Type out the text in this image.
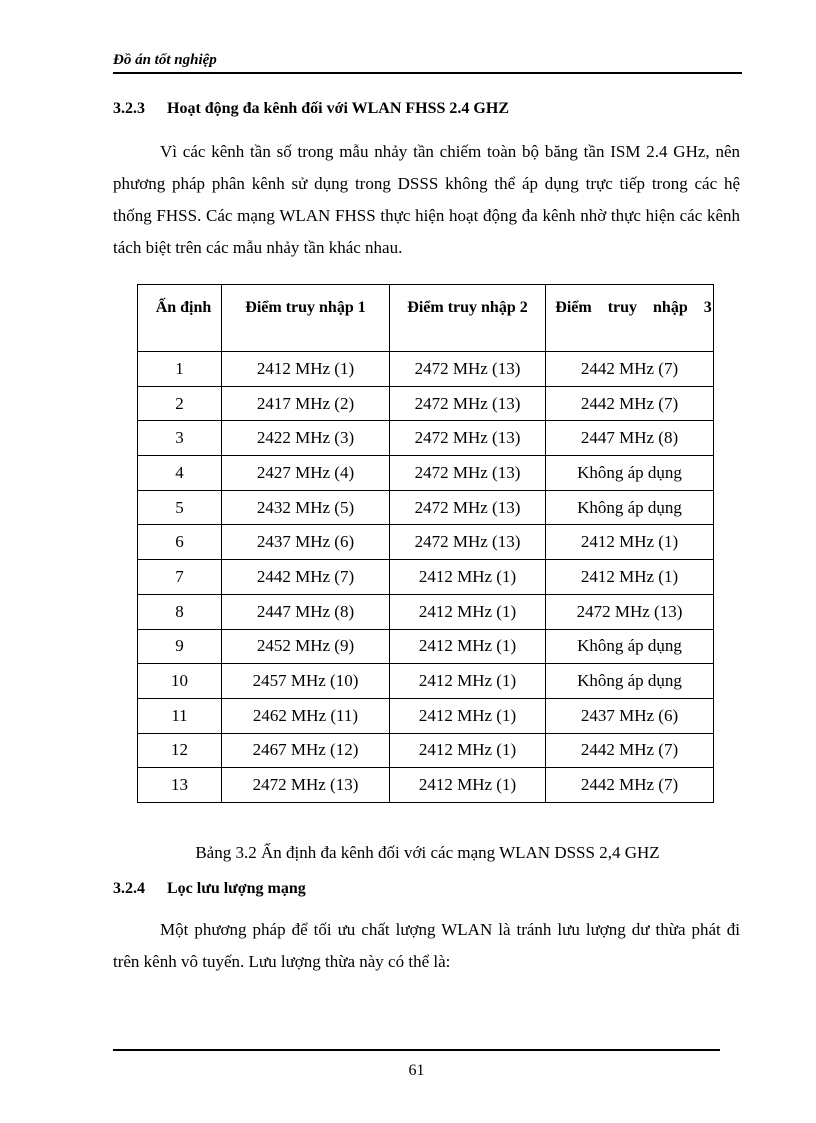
Đồ án tốt nghiệp
3.2.3 Hoạt động đa kênh đối với WLAN FHSS 2.4 GHZ

Vì các kênh tần số trong mẫu nhảy tần chiếm toàn bộ băng tần ISM 2.4 GHz, nên phương pháp phân kênh sử dụng trong DSSS không thể áp dụng trực tiếp trong các hệ thống FHSS. Các mạng WLAN FHSS thực hiện hoạt động đa kênh nhờ thực hiện các kênh tách biệt trên các mẫu nhảy tần khác nhau.

Ấn định	Điểm truy nhập 1	Điểm truy nhập 2	Điểm truy nhập 3

1	2412 MHz (1)	2472 MHz (13)	2442 MHz (7)
2	2417 MHz (2)	2472 MHz (13)	2442 MHz (7)
3	2422 MHz (3)	2472 MHz (13)	2447 MHz (8)
4	2427 MHz (4)	2472 MHz (13)	Không áp dụng
5	2432 MHz (5)	2472 MHz (13)	Không áp dụng
6	2437 MHz (6)	2472 MHz (13)	2412 MHz (1)
7	2442 MHz (7)	2412 MHz (1)	2412 MHz (1)
8	2447 MHz (8)	2412 MHz (1)	2472 MHz (13)
9	2452 MHz (9)	2412 MHz (1)	Không áp dụng
10	2457 MHz (10)	2412 MHz (1)	Không áp dụng
11	2462 MHz (11)	2412 MHz (1)	2437 MHz (6)
12	2467 MHz (12)	2412 MHz (1)	2442 MHz (7)
13	2472 MHz (13)	2412 MHz (1)	2442 MHz (7)
Bảng 3.2 Ấn định đa kênh đối với các mạng WLAN DSSS 2,4 GHZ
3.2.4 Lọc lưu lượng mạng

Một phương pháp để tối ưu chất lượng WLAN là tránh lưu lượng dư thừa phát đi trên kênh vô tuyến. Lưu lượng thừa này có thể là:

61
